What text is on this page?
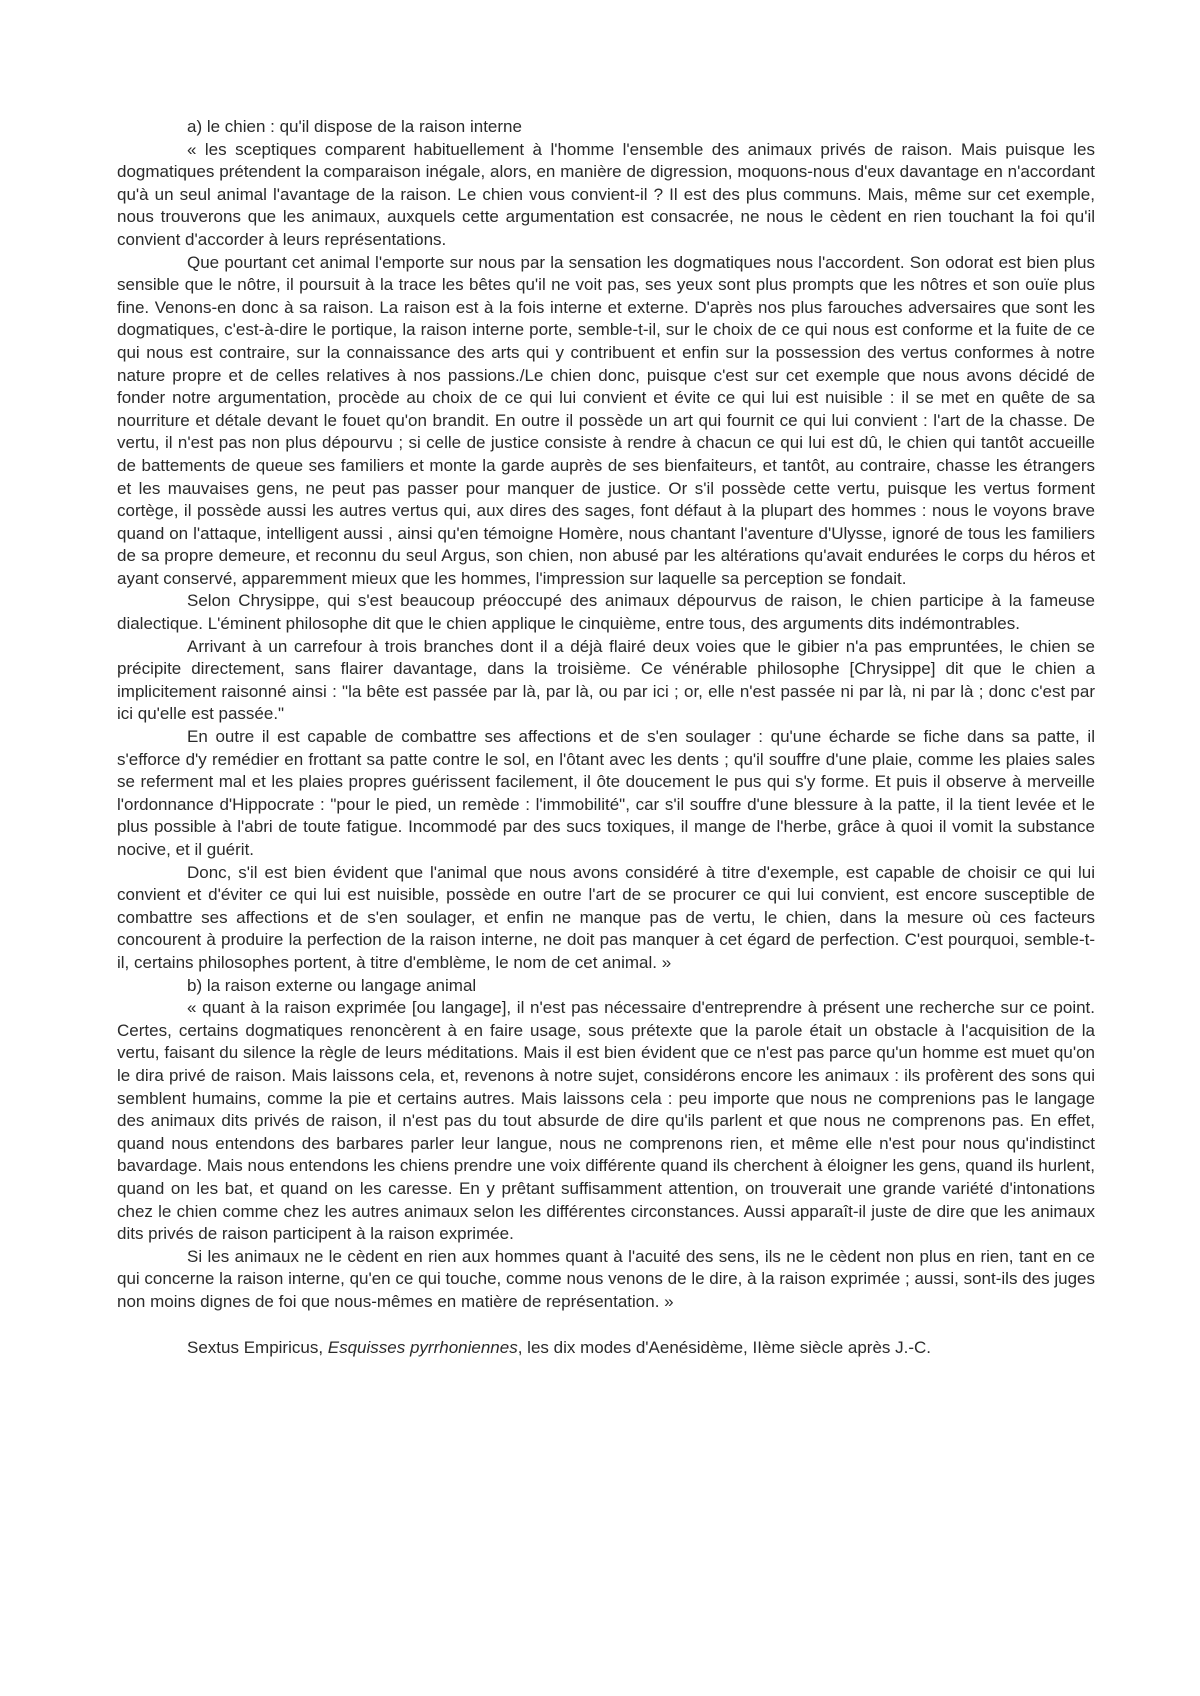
a) le chien : qu'il dispose de la raison interne

« les sceptiques comparent habituellement à l'homme l'ensemble des animaux privés de raison. Mais puisque les dogmatiques prétendent la comparaison inégale, alors, en manière de digression, moquons-nous d'eux davantage en n'accordant qu'à un seul animal l'avantage de la raison. Le chien vous convient-il ? Il est des plus communs. Mais, même sur cet exemple, nous trouverons que les animaux, auxquels cette argumentation est consacrée, ne nous le cèdent en rien touchant la foi qu'il convient d'accorder à leurs représentations.

Que pourtant cet animal l'emporte sur nous par la sensation les dogmatiques nous l'accordent. Son odorat est bien plus sensible que le nôtre, il poursuit à la trace les bêtes qu'il ne voit pas, ses yeux sont plus prompts que les nôtres et son ouïe plus fine. Venons-en donc à sa raison. La raison est à la fois interne et externe. D'après nos plus farouches adversaires que sont les dogmatiques, c'est-à-dire le portique, la raison interne porte, semble-t-il, sur le choix de ce qui nous est conforme et la fuite de ce qui nous est contraire, sur la connaissance des arts qui y contribuent et enfin sur la possession des vertus conformes à notre nature propre et de celles relatives à nos passions./Le chien donc, puisque c'est sur cet exemple que nous avons décidé de fonder notre argumentation, procède au choix de ce qui lui convient et évite ce qui lui est nuisible : il se met en quête de sa nourriture et détale devant le fouet qu'on brandit. En outre il possède un art qui fournit ce qui lui convient : l'art de la chasse. De vertu, il n'est pas non plus dépourvu ; si celle de justice consiste à rendre à chacun ce qui lui est dû, le chien qui tantôt accueille de battements de queue ses familiers et monte la garde auprès de ses bienfaiteurs, et tantôt, au contraire, chasse les étrangers et les mauvaises gens, ne peut pas passer pour manquer de justice. Or s'il possède cette vertu, puisque les vertus forment cortège, il possède aussi les autres vertus qui, aux dires des sages, font défaut à la plupart des hommes : nous le voyons brave quand on l'attaque, intelligent aussi , ainsi qu'en témoigne Homère, nous chantant l'aventure d'Ulysse, ignoré de tous les familiers de sa propre demeure, et reconnu du seul Argus, son chien, non abusé par les altérations qu'avait endurées le corps du héros et ayant conservé, apparemment mieux que les hommes, l'impression sur laquelle sa perception se fondait.

Selon Chrysippe, qui s'est beaucoup préoccupé des animaux dépourvus de raison, le chien participe à la fameuse dialectique. L'éminent philosophe dit que le chien applique le cinquième, entre tous, des arguments dits indémontrables.

Arrivant à un carrefour à trois branches dont il a déjà flairé deux voies que le gibier n'a pas empruntées, le chien se précipite directement, sans flairer davantage, dans la troisième. Ce vénérable philosophe [Chrysippe] dit que le chien a implicitement raisonné ainsi : "la bête est passée par là, par là, ou par ici ; or, elle n'est passée ni par là, ni par là ; donc c'est par ici qu'elle est passée."

En outre il est capable de combattre ses affections et de s'en soulager : qu'une écharde se fiche dans sa patte, il s'efforce d'y remédier en frottant sa patte contre le sol, en l'ôtant avec les dents ; qu'il souffre d'une plaie, comme les plaies sales se referment mal et les plaies propres guérissent facilement, il ôte doucement le pus qui s'y forme. Et puis il observe à merveille l'ordonnance d'Hippocrate : "pour le pied, un remède : l'immobilité", car s'il souffre d'une blessure à la patte, il la tient levée et le plus possible à l'abri de toute fatigue. Incommodé par des sucs toxiques, il mange de l'herbe, grâce à quoi il vomit la substance nocive, et il guérit.

Donc, s'il est bien évident que l'animal que nous avons considéré à titre d'exemple, est capable de choisir ce qui lui convient et d'éviter ce qui lui est nuisible, possède en outre l'art de se procurer ce qui lui convient, est encore susceptible de combattre ses affections et de s'en soulager, et enfin ne manque pas de vertu, le chien, dans la mesure où ces facteurs concourent à produire la perfection de la raison interne, ne doit pas manquer à cet égard de perfection. C'est pourquoi, semble-t-il, certains philosophes portent, à titre d'emblème, le nom de cet animal. »

b) la raison externe ou langage animal

« quant à la raison exprimée [ou langage], il n'est pas nécessaire d'entreprendre à présent une recherche sur ce point. Certes, certains dogmatiques renoncèrent à en faire usage, sous prétexte que la parole était un obstacle à l'acquisition de la vertu, faisant du silence la règle de leurs méditations. Mais il est bien évident que ce n'est pas parce qu'un homme est muet qu'on le dira privé de raison. Mais laissons cela, et, revenons à notre sujet, considérons encore les animaux : ils profèrent des sons qui semblent humains, comme la pie et certains autres. Mais laissons cela : peu importe que nous ne comprenions pas le langage des animaux dits privés de raison, il n'est pas du tout absurde de dire qu'ils parlent et que nous ne comprenons pas. En effet, quand nous entendons des barbares parler leur langue, nous ne comprenons rien, et même elle n'est pour nous qu'indistinct bavardage. Mais nous entendons les chiens prendre une voix différente quand ils cherchent à éloigner les gens, quand ils hurlent, quand on les bat, et quand on les caresse. En y prêtant suffisamment attention, on trouverait une grande variété d'intonations chez le chien comme chez les autres animaux selon les différentes circonstances. Aussi apparaît-il juste de dire que les animaux dits privés de raison participent à la raison exprimée.

Si les animaux ne le cèdent en rien aux hommes quant à l'acuité des sens, ils ne le cèdent non plus en rien, tant en ce qui concerne la raison interne, qu'en ce qui touche, comme nous venons de le dire, à la raison exprimée ; aussi, sont-ils des juges non moins dignes de foi que nous-mêmes en matière de représentation. »

Sextus Empiricus, Esquisses pyrrhoniennes, les dix modes d'Aenésidème, IIème siècle après J.-C.
